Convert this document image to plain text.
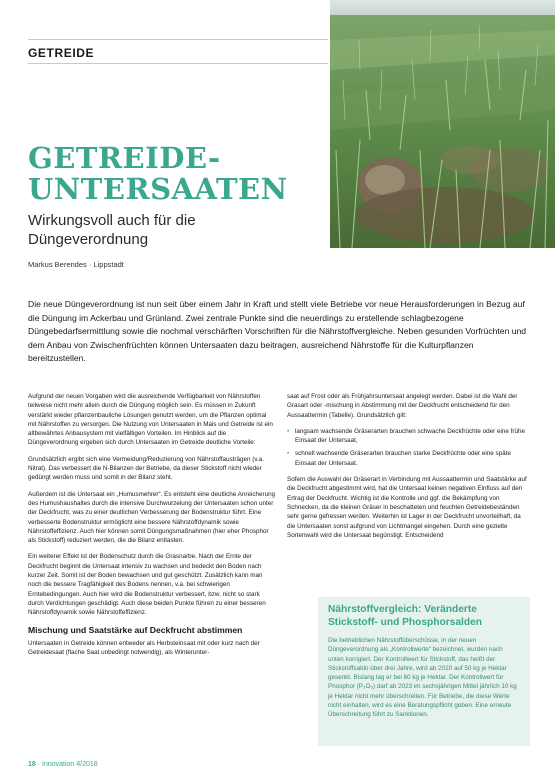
GETREIDE
GETREIDE-
UNTERSAATEN
Wirkungsvoll auch für die
Düngeverordnung
Markus Berendes · Lippstadt
Die neue Düngeverordnung ist nun seit über einem Jahr in Kraft und stellt viele Betriebe vor neue Herausforderungen in Bezug auf die Düngung im Ackerbau und Grünland. Zwei zentrale Punkte sind die neuerdings zu erstellende schlagbezogene Düngebedarfsermittlung sowie die nochmal verschärften Vorschriften für die Nährstoffvergleiche. Neben gesunden Vorfrüchten und dem Anbau von Zwischenfrüchten können Untersaaten dazu beitragen, ausreichend Nährstoffe für die Kulturpflanzen bereitzustellen.

Aufgrund der neuen Vorgaben wird die ausreichende Verfügbarkeit von Nährstoffen teilweise nicht mehr allein durch die Düngung möglich sein. Es müssen in Zukunft verstärkt wieder pflanzenbauliche Lösungen genutzt werden, um die Pflanzen optimal mit Nährstoffen zu versorgen. Die Nutzung von Untersaaten in Mais und Getreide ist ein altbewährtes Anbausystem mit vielfältigen Vorteilen. Im Hinblick auf die Düngeverordnung ergeben sich durch Untersaaten im Getreide deutliche Vorteile:

Grundsätzlich ergibt sich eine Vermeidung/Reduzierung von Nährstoffausträgen (v.a. Nitrat). Das verbessert die N-Bilanzen der Betriebe, da dieser Stickstoff nicht wieder gedüngt werden muss und somit in der Bilanz steht.

Außerdem ist die Untersaat ein „Humusmehrer“. Es entsteht eine deutliche Anreicherung des Humushaushaltes durch die intensive Durchwurzelung der Untersaaten schon unter der Deckfrucht, was zu einer deutlichen Verbesserung der Bodenstruktur führt. Eine verbesserte Bodenstruktur ermöglicht eine bessere Nährstoffdynamik sowie Nährstoffeffizienz. Auch hier können somit Düngungsmaßnahmen (hier eher Phosphor als Stickstoff) reduziert werden, die die Bilanz entlasten.

Ein weiterer Effekt ist der Bodenschutz durch die Grasnarbe. Nach der Ernte der Deckfrucht beginnt die Untersaat intensiv zu wachsen und bedeckt den Boden nach kurzer Zeit. Somit ist der Boden bewachsen und gut geschützt. Zusätzlich kann man noch die bessere Tragfähigkeit des Bodens nennen, v.a. bei schwierigen Erntebedingungen. Auch hier wird die Bodenstruktur verbessert, bzw. nicht so stark durch Verdichtungen geschädigt. Auch diese beiden Punkte führen zu einer besseren Nährstoffdynamik sowie Nährstoffeffizienz.

Mischung und Saatstärke auf Deckfrucht abstimmen

Untersaaten in Getreide können entweder als Herbsteinsaat mit oder kurz nach der Getreidesaat (flache Saat unbedingt notwendig), als Winterunter-

saat auf Frost oder als Frühjahrsuntersaat angelegt werden. Dabei ist die Wahl der Grasart oder -mischung in Abstimmung mit der Deckfrucht entscheidend für den Aussaattermin (Tabelle). Grundsätzlich gilt:

• langsam wachsende Gräserarten brauchen schwache Deckfrüchte oder eine frühe Einsaat der Untersaat,
• schnell wachsende Gräserarten brauchen starke Deckfrüchte oder eine späte Einsaat der Untersaat.

Sofern die Auswahl der Gräserart in Verbindung mit Aussaattermin und Saatstärke auf die Deckfrucht abgestimmt wird, hat die Untersaat keinen negativen Einfluss auf den Ertrag der Deckfrucht. Wichtig ist die Kontrolle und ggf. die Bekämpfung von Schnecken, da die kleinen Gräser in beschatteten und feuchten Getreidebeständen sehr gerne gefressen werden. Weiterhin ist Lager in der Deckfrucht unvorteilhaft, da die Untersaaten sonst aufgrund von Lichtmangel eingehen. Durch eine gezielte Sortenwahl wird die Untersaat begünstigt. Entscheidend

Nährstoffvergleich: Veränderte
Stickstoff- und Phosphorsalden
Die betrieblichen Nährstoffüberschüsse, in der neuen Düngeverordnung als „Kontrollwerte“ bezeichnet, wurden nach unten korrigiert. Der Kontrollwert für Stickstoff, das heißt der Stickstoffsaldo über drei Jahre, wird ab 2020 auf 50 kg je Hektar gesenkt. Bislang lag er bei 60 kg je Hektar. Der Kontrollwert für Phosphor (P₂O₅) darf ab 2023 im sechsjährigen Mittel jährlich 10 kg je Hektar nicht mehr überschreiten. Für Betriebe, die diese Werte nicht einhalten, wird es eine Beratungspflicht geben. Eine erneute Überschreitung führt zu Sanktionen.
18 · Innovation 4/2018
